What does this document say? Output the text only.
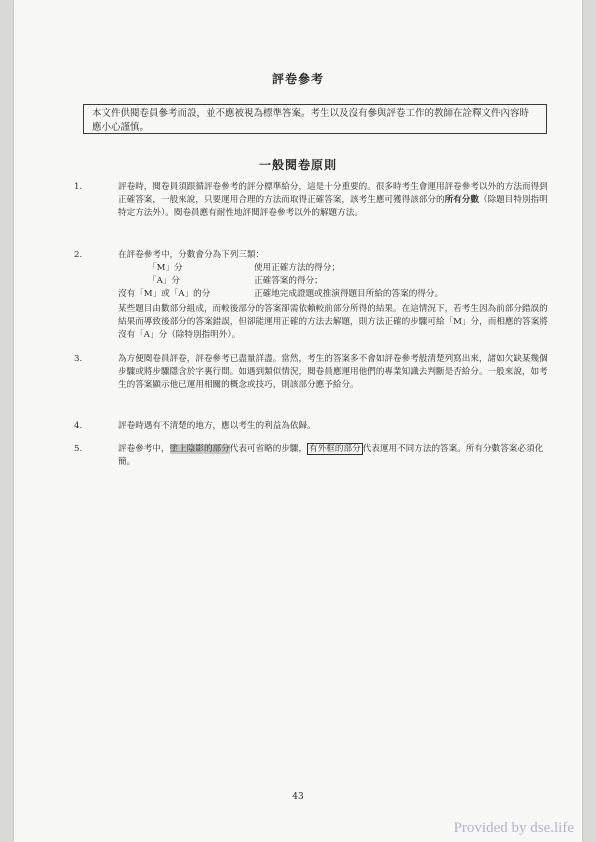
評卷參考
本文件供閱卷員參考而設，並不應被視為標準答案。考生以及沒有參與評卷工作的教師在詮釋文件內容時應小心謹慎。
一般閱卷原則
1.	評卷時，閱卷員須跟循評卷參考的評分標準給分，這是十分重要的。很多時考生會運用評卷參考以外的方法而得到正確答案，一般來說，只要運用合理的方法而取得正確答案，該考生應可獲得該部分的所有分數（除題目特別指明特定方法外）。閱卷員應有耐性地評閱評卷參考以外的解題方法。
2.	在評卷參考中，分數會分為下列三類：
「M」分	使用正確方法的得分；
「A」分	正確答案的得分；
沒有「M」或「A」的分	正確地完成證題或推演得題目所給的答案的得分。
某些題目由數部分組成，而較後部分的答案卻需依賴較前部分所得的結果。在這情況下，若考生因為前部分錯誤的結果而導致後部分的答案錯誤，但卻能運用正確的方法去解題，則方法正確的步驟可給「M」分，而相應的答案將沒有「A」分（除特別指明外）。
3.	為方便閱卷員評卷，評卷參考已盡量詳盡。當然，考生的答案多不會如評卷參考般清楚列寫出來，諸如欠缺某幾個步驟或將步驟隱含於字裏行間。如遇到類似情況，閱卷員應運用他們的專業知識去判斷是否給分。一般來說，如考生的答案顯示他已運用相關的概念或技巧，則該部分應予給分。
4.	評卷時遇有不清楚的地方，應以考生的利益為依歸。
5.	評卷參考中，塗上陰影的部分代表可省略的步驟， 有外框的部分 代表運用不同方法的答案。所有分數答案必須化簡。
43
Provided by dse.life
